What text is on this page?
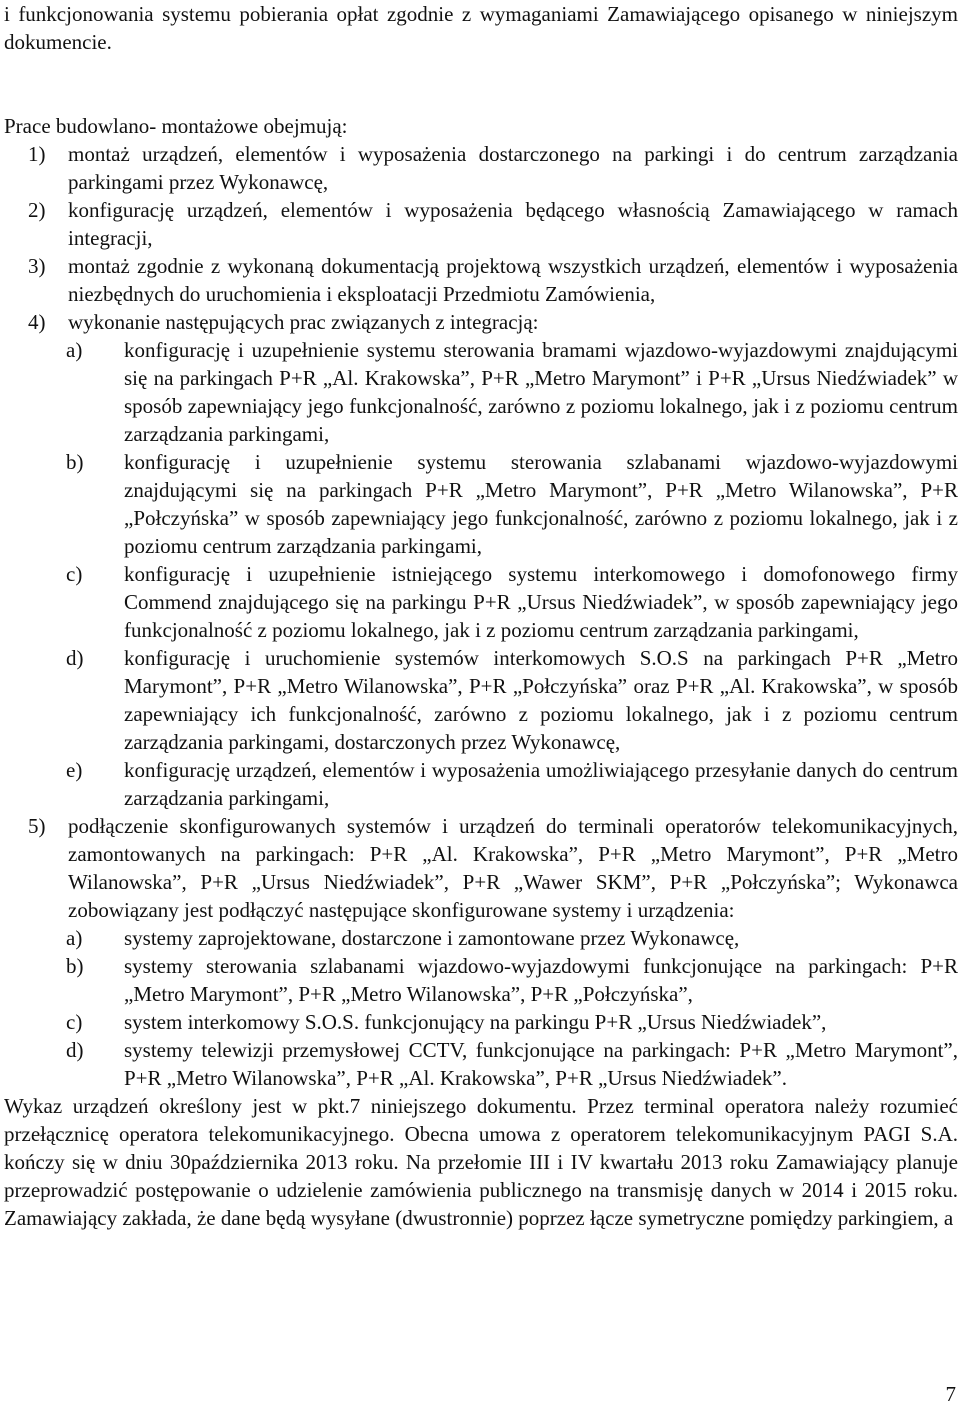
i funkcjonowania systemu pobierania opłat zgodnie z wymaganiami Zamawiającego opisanego w niniejszym dokumencie.

Prace budowlano- montażowe obejmują:

1)	montaż urządzeń, elementów i wyposażenia dostarczonego na parkingi i do centrum zarządzania parkingami przez Wykonawcę,
2)	konfigurację urządzeń, elementów i wyposażenia będącego własnością Zamawiającego w ramach integracji,
3)	montaż zgodnie z wykonaną dokumentacją projektową wszystkich urządzeń, elementów i wyposażenia niezbędnych do uruchomienia i eksploatacji Przedmiotu Zamówienia,
4)	wykonanie następujących prac związanych z integracją:
a)	konfigurację i uzupełnienie systemu sterowania bramami wjazdowo-wyjazdowymi znajdującymi się na parkingach P+R „Al. Krakowska”, P+R „Metro Marymont” i P+R „Ursus Niedźwiadek” w sposób zapewniający jego funkcjonalność, zarówno z poziomu lokalnego, jak i z poziomu centrum zarządzania parkingami,
b)	konfigurację i uzupełnienie systemu sterowania szlabanami wjazdowo-wyjazdowymi znajdującymi się na parkingach P+R „Metro Marymont”, P+R „Metro Wilanowska”, P+R „Połczyńska” w sposób zapewniający jego funkcjonalność, zarówno z poziomu lokalnego, jak i z poziomu centrum zarządzania parkingami,
c)	konfigurację i uzupełnienie istniejącego systemu interkomowego i domofonowego firmy Commend znajdującego się na parkingu P+R „Ursus Niedźwiadek”, w sposób zapewniający jego funkcjonalność z poziomu lokalnego, jak i z poziomu centrum zarządzania parkingami,
d)	konfigurację i uruchomienie systemów interkomowych S.O.S na parkingach P+R „Metro Marymont”, P+R „Metro Wilanowska”, P+R „Połczyńska” oraz P+R „Al. Krakowska”, w sposób zapewniający ich funkcjonalność, zarówno z poziomu lokalnego, jak i z poziomu centrum zarządzania parkingami, dostarczonych przez Wykonawcę,
e)	konfigurację urządzeń, elementów i wyposażenia umożliwiającego przesyłanie danych do centrum zarządzania parkingami,
5)	podłączenie skonfigurowanych systemów i urządzeń do terminali operatorów telekomunikacyjnych, zamontowanych na parkingach: P+R „Al. Krakowska”, P+R „Metro Marymont”, P+R „Metro Wilanowska”, P+R „Ursus Niedźwiadek”, P+R „Wawer SKM”, P+R „Połczyńska”; Wykonawca zobowiązany jest podłączyć następujące skonfigurowane systemy i urządzenia:
a)	systemy zaprojektowane, dostarczone i zamontowane przez Wykonawcę,
b)	systemy sterowania szlabanami wjazdowo-wyjazdowymi funkcjonujące na parkingach: P+R „Metro Marymont”, P+R „Metro Wilanowska”, P+R „Połczyńska”,
c)	system interkomowy S.O.S. funkcjonujący na parkingu P+R „Ursus Niedźwiadek”,
d)	systemy telewizji przemysłowej CCTV, funkcjonujące na parkingach: P+R „Metro Marymont”, P+R „Metro Wilanowska”, P+R „Al. Krakowska”, P+R „Ursus Niedźwiadek”.

Wykaz urządzeń określony jest w pkt.7 niniejszego dokumentu. Przez terminal operatora należy rozumieć przełącznicę operatora telekomunikacyjnego. Obecna umowa z operatorem telekomunikacyjnym PAGI S.A. kończy się w dniu 30października 2013 roku. Na przełomie III i IV kwartału 2013 roku Zamawiający planuje przeprowadzić postępowanie o udzielenie zamówienia publicznego na transmisję danych w 2014 i 2015 roku. Zamawiający zakłada, że dane będą wysyłane (dwustronnie) poprzez łącze symetryczne pomiędzy parkingiem, a

7
